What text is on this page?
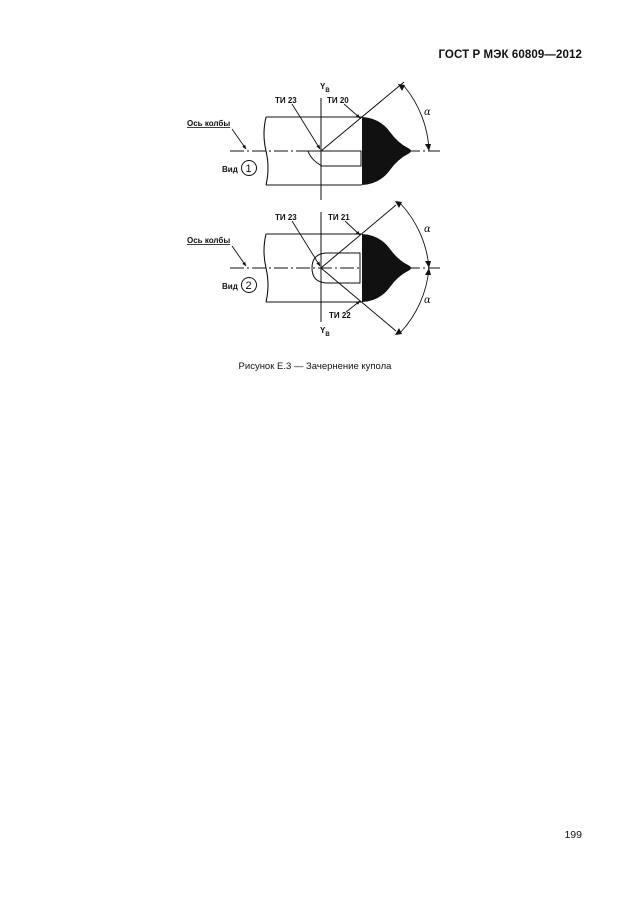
ГОСТ Р МЭК 60809—2012
$Y_B$
ТИ 23	ТИ 20
Ось колбы
Вид 1
α
ТИ 23	ТИ 21
ТИ 22
Ось колбы
Вид 2
α
α
$Y_B$
Рисунок Е.3 — Зачернение купола
199
